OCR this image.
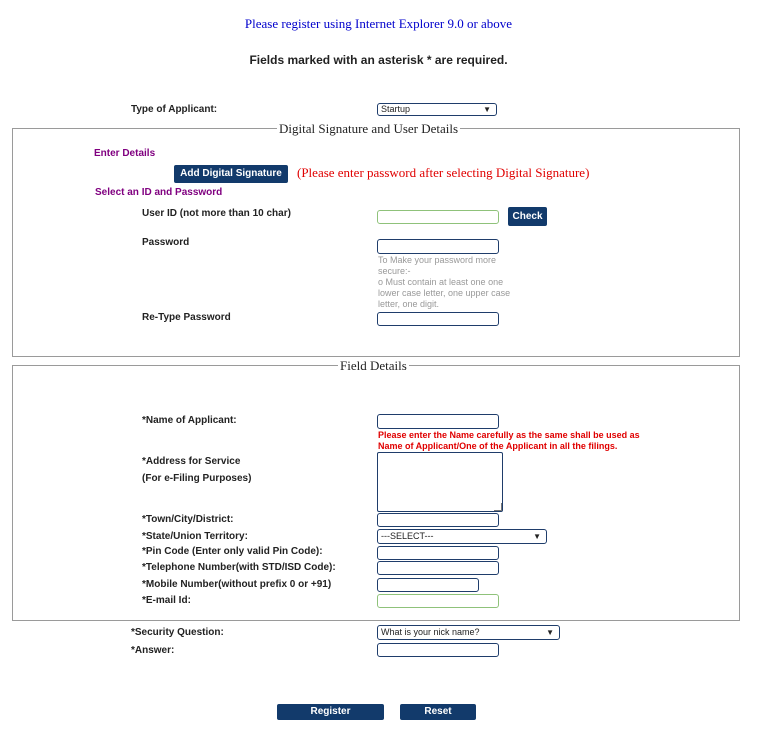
Please register using Internet Explorer 9.0 or above
Fields marked with an asterisk * are required.
Type of Applicant:	Startup	▼
Digital Signature and User Details
Enter Details
Add Digital Signature	(Please enter password after selecting Digital Signature)
Select an ID and Password
User ID (not more than 10 char)	Check
Password
To Make your password more
secure:-
o Must contain at least one one
lower case letter, one upper case
letter, one digit.
Re-Type Password
Field Details
*Name of Applicant:
Please enter the Name carefully as the same shall be used as
Name of Applicant/One of the Applicant in all the filings.
*Address for Service
(For e-Filing Purposes)
*Town/City/District:
*State/Union Territory:	---SELECT---	▼
*Pin Code (Enter only valid Pin Code):
*Telephone Number(with STD/ISD Code):
*Mobile Number(without prefix 0 or +91)
*E-mail Id:
*Security Question:	What is your nick name?	▼
*Answer:
Register	Reset
